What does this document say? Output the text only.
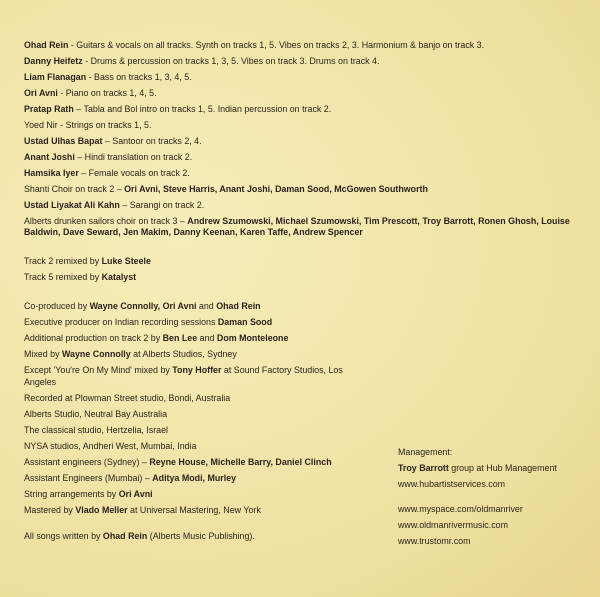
Ohad Rein - Guitars & vocals on all tracks. Synth on tracks 1, 5. Vibes on tracks 2, 3. Harmonium & banjo on track 3.

Danny Heifetz - Drums & percussion on tracks 1, 3, 5. Vibes on track 3. Drums on track 4.

Liam Flanagan - Bass on tracks 1, 3, 4, 5.

Ori Avni - Piano on tracks 1, 4, 5.

Pratap Rath – Tabla and Bol intro on tracks 1, 5. Indian percussion on track 2.

Yoed Nir - Strings on tracks 1, 5.

Ustad Ulhas Bapat – Santoor on tracks 2, 4.

Anant Joshi – Hindi translation on track 2.

Hamsika Iyer – Female vocals on track 2.

Shanti Choir on track 2 – Ori Avni, Steve Harris, Anant Joshi, Daman Sood, McGowen Southworth

Ustad Liyakat Ali Kahn – Sarangi on track 2.

Alberts drunken sailors choir on track 3 – Andrew Szumowski, Michael Szumowski, Tim Prescott, Troy Barrott, Ronen Ghosh, Louise Baldwin, Dave Seward, Jen Makim, Danny Keenan, Karen Taffe, Andrew Spencer

Track 2 remixed by Luke Steele

Track 5 remixed by Katalyst

Co-produced by Wayne Connolly, Ori Avni and Ohad Rein

Executive producer on Indian recording sessions Daman Sood

Additional production on track 2 by Ben Lee and Dom Monteleone

Mixed by Wayne Connolly at Alberts Studios, Sydney

Except 'You're On My Mind' mixed by Tony Hoffer at Sound Factory Studios, Los Angeles

Recorded at Plowman Street studio, Bondi, Australia

Alberts Studio, Neutral Bay Australia

The classical studio, Hertzelia, Israel

NYSA studios, Andheri West, Mumbai, India

Assistant engineers (Sydney) – Reyne House, Michelle Barry, Daniel Clinch

Assistant Engineers (Mumbai) – Aditya Modi, Murley

String arrangements by Ori Avni

Mastered by Vlado Meller at Universal Mastering, New York

All songs written by Ohad Rein (Alberts Music Publishing).

Management:

Troy Barrott group at Hub Management

www.hubartistservices.com

www.myspace.com/oldmanriver

www.oldmanrivermusic.com

www.trustomr.com
